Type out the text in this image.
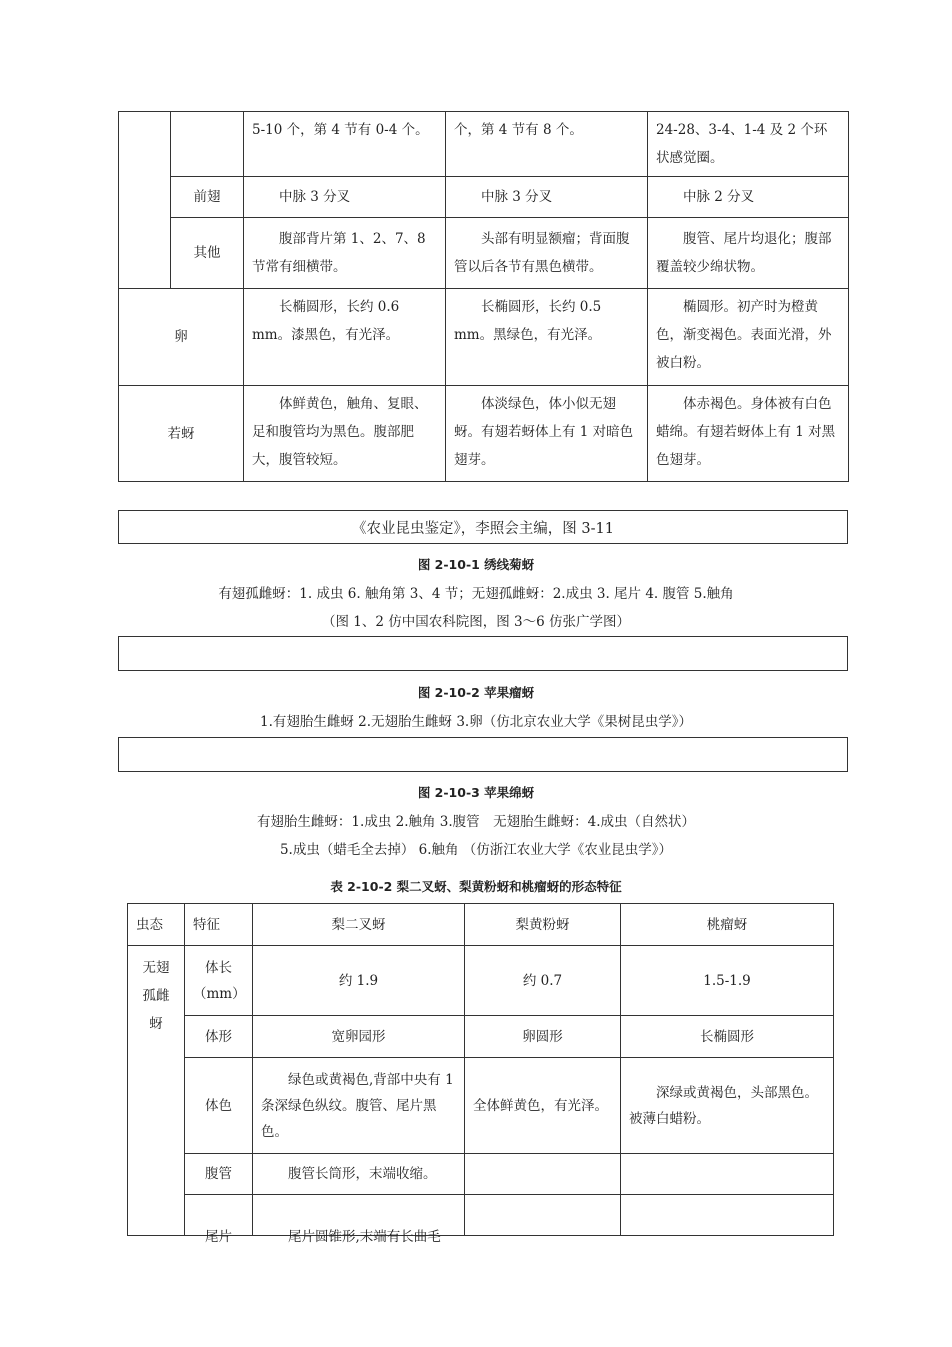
		5-10 个，第 4 节有 0-4 个。	个，第 4 节有 8 个。	24-28、3-4、1-4 及 2 个环状感觉圈。
	前翅	中脉 3 分叉	中脉 3 分叉	中脉 2 分叉
	其他	腹部背片第 1、2、7、8 节常有细横带。	头部有明显额瘤；背面腹管以后各节有黑色横带。	腹管、尾片均退化；腹部覆盖较少绵状物。
卵		长椭圆形，长约 0.6 mm。漆黑色，有光泽。	长椭圆形，长约 0.5 mm。黑绿色，有光泽。	椭圆形。初产时为橙黄色，渐变褐色。表面光滑，外被白粉。
若蚜		体鲜黄色，触角、复眼、足和腹管均为黑色。腹部肥大，腹管较短。	体淡绿色，体小似无翅蚜。有翅若蚜体上有 1 对暗色翅芽。	体赤褐色。身体被有白色蜡绵。有翅若蚜体上有 1 对黑色翅芽。
《农业昆虫鉴定》，李照会主编，图 3-11
图 2-10-1 绣线菊蚜
有翅孤雌蚜：1. 成虫 6. 触角第 3、4 节；无翅孤雌蚜：2.成虫 3. 尾片 4. 腹管 5.触角
（图 1、2 仿中国农科院图，图 3～6 仿张广学图）
图 2-10-2 苹果瘤蚜
1.有翅胎生雌蚜 2.无翅胎生雌蚜 3.卵（仿北京农业大学《果树昆虫学》）
图 2-10-3 苹果绵蚜
有翅胎生雌蚜：1.成虫 2.触角 3.腹管　无翅胎生雌蚜：4.成虫（自然状）
5.成虫（蜡毛全去掉） 6.触角 （仿浙江农业大学《农业昆虫学》）
表 2-10-2 梨二叉蚜、梨黄粉蚜和桃瘤蚜的形态特征
虫态	特征	梨二叉蚜	梨黄粉蚜	桃瘤蚜
无翅孤雌蚜	体长（mm）	约 1.9	约 0.7	1.5-1.9
	体形	宽卵园形	卵圆形	长椭圆形
	体色	绿色或黄褐色,背部中央有 1 条深绿色纵纹。腹管、尾片黑色。	全体鲜黄色，有光泽。	深绿或黄褐色，头部黑色。被薄白蜡粉。
	腹管	腹管长筒形，末端收缩。		
	尾片	尾片圆锥形,末端有长曲毛		
